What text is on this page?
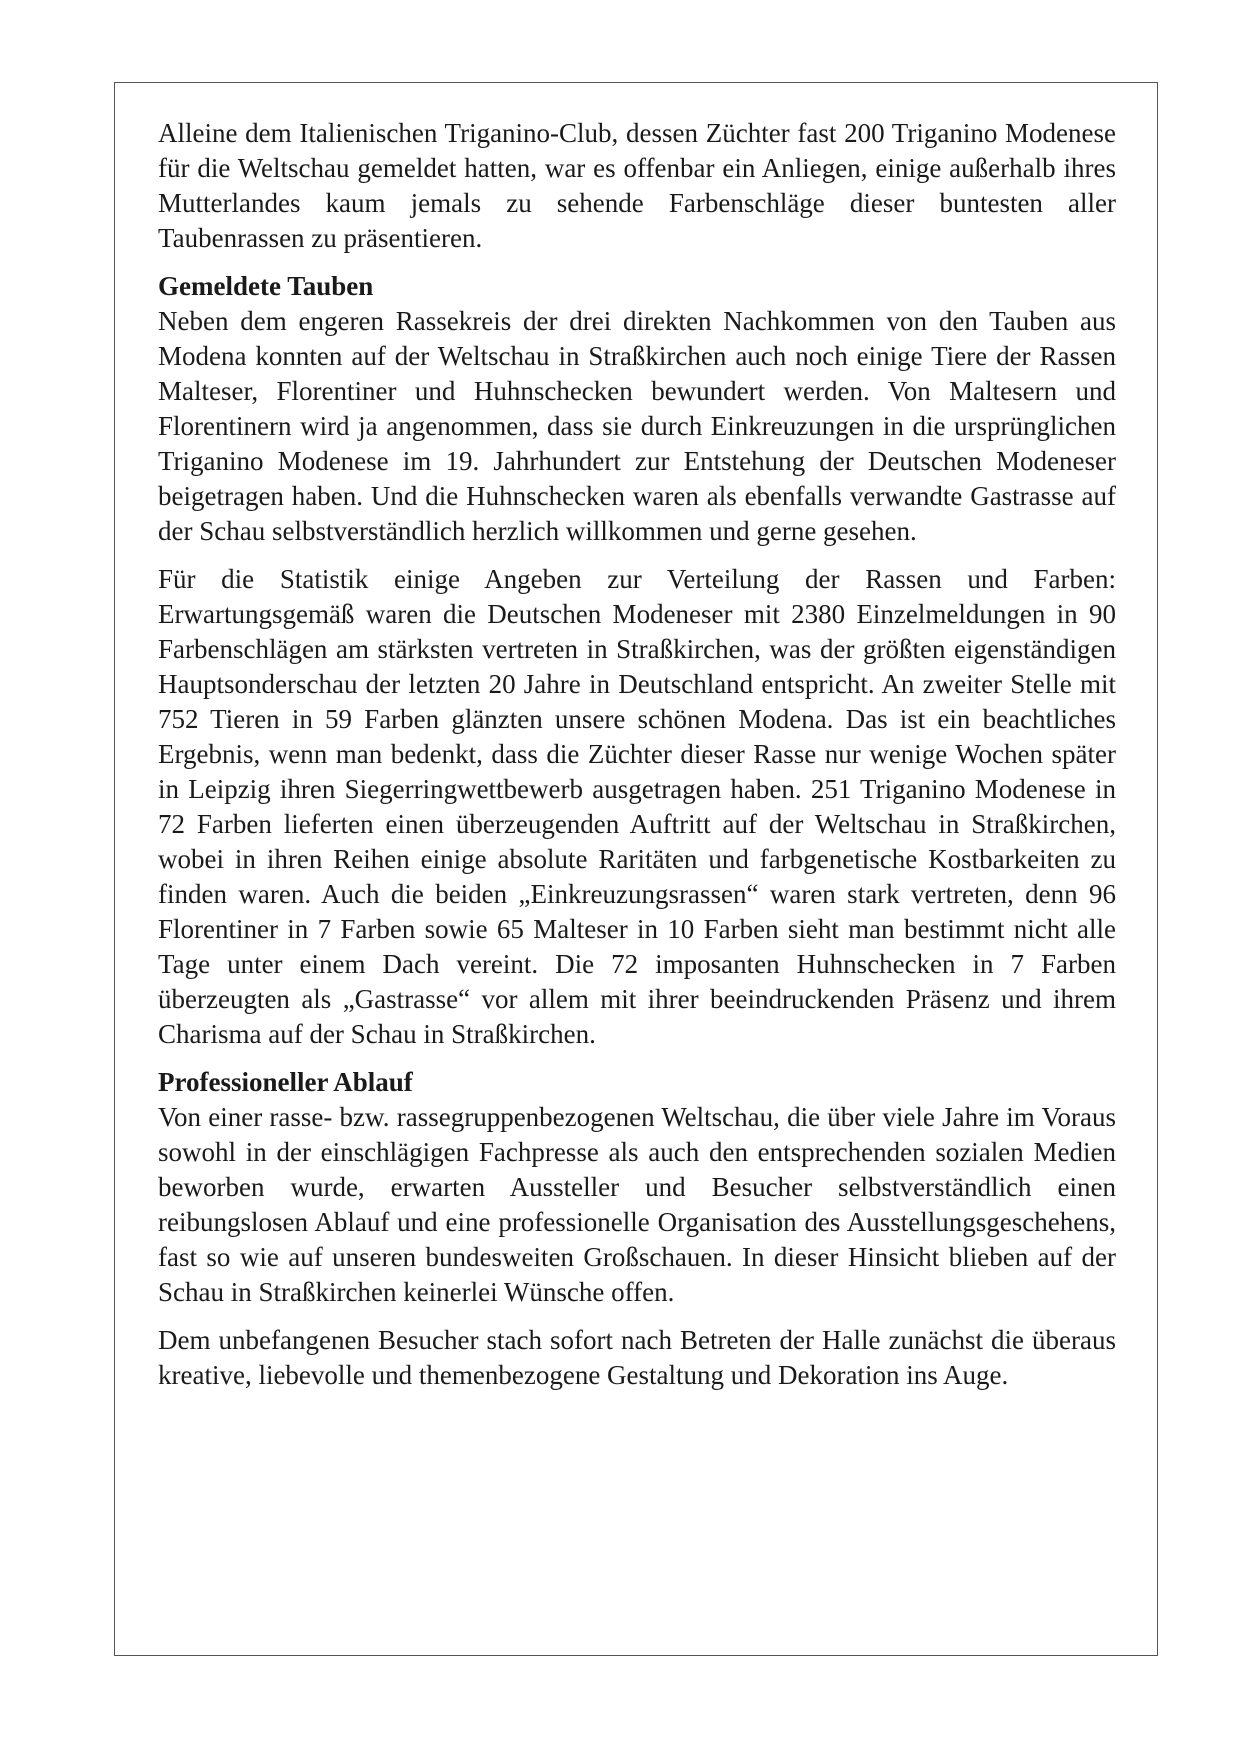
Alleine dem Italienischen Triganino-Club, dessen Züchter fast 200 Triganino Modenese für die Weltschau gemeldet hatten, war es offenbar ein Anliegen, einige außerhalb ihres Mutterlandes kaum jemals zu sehende Farbenschläge dieser buntesten aller Taubenrassen zu präsentieren.

Gemeldete Tauben

Neben dem engeren Rassekreis der drei direkten Nachkommen von den Tauben aus Modena konnten auf der Weltschau in Straßkirchen auch noch einige Tiere der Rassen Malteser, Florentiner und Huhnschecken bewundert werden. Von Maltesern und Florentinern wird ja angenommen, dass sie durch Einkreuzungen in die ursprünglichen Triganino Modenese im 19. Jahrhundert zur Entstehung der Deutschen Modeneser beigetragen haben. Und die Huhnschecken waren als ebenfalls verwandte Gastrasse auf der Schau selbstverständlich herzlich willkommen und gerne gesehen.

Für die Statistik einige Angeben zur Verteilung der Rassen und Farben: Erwartungsgemäß waren die Deutschen Modeneser mit 2380 Einzelmeldungen in 90 Farbenschlägen am stärksten vertreten in Straßkirchen, was der größten eigenständigen Hauptsonderschau der letzten 20 Jahre in Deutschland entspricht. An zweiter Stelle mit 752 Tieren in 59 Farben glänzten unsere schönen Modena. Das ist ein beachtliches Ergebnis, wenn man bedenkt, dass die Züchter dieser Rasse nur wenige Wochen später in Leipzig ihren Siegerringwettbewerb ausgetragen haben. 251 Triganino Modenese in 72 Farben lieferten einen überzeugenden Auftritt auf der Weltschau in Straßkirchen, wobei in ihren Reihen einige absolute Raritäten und farbgenetische Kostbarkeiten zu finden waren. Auch die beiden „Einkreuzungsrassen“ waren stark vertreten, denn 96 Florentiner in 7 Farben sowie 65 Malteser in 10 Farben sieht man bestimmt nicht alle Tage unter einem Dach vereint. Die 72 imposanten Huhnschecken in 7 Farben überzeugten als „Gastrasse“ vor allem mit ihrer beeindruckenden Präsenz und ihrem Charisma auf der Schau in Straßkirchen.

Professioneller Ablauf

Von einer rasse- bzw. rassegruppenbezogenen Weltschau, die über viele Jahre im Voraus sowohl in der einschlägigen Fachpresse als auch den entsprechenden sozialen Medien beworben wurde, erwarten Aussteller und Besucher selbstverständlich einen reibungslosen Ablauf und eine professionelle Organisation des Ausstellungsgeschehens, fast so wie auf unseren bundesweiten Großschauen. In dieser Hinsicht blieben auf der Schau in Straßkirchen keinerlei Wünsche offen.

Dem unbefangenen Besucher stach sofort nach Betreten der Halle zunächst die überaus kreative, liebevolle und themenbezogene Gestaltung und Dekoration ins Auge.
